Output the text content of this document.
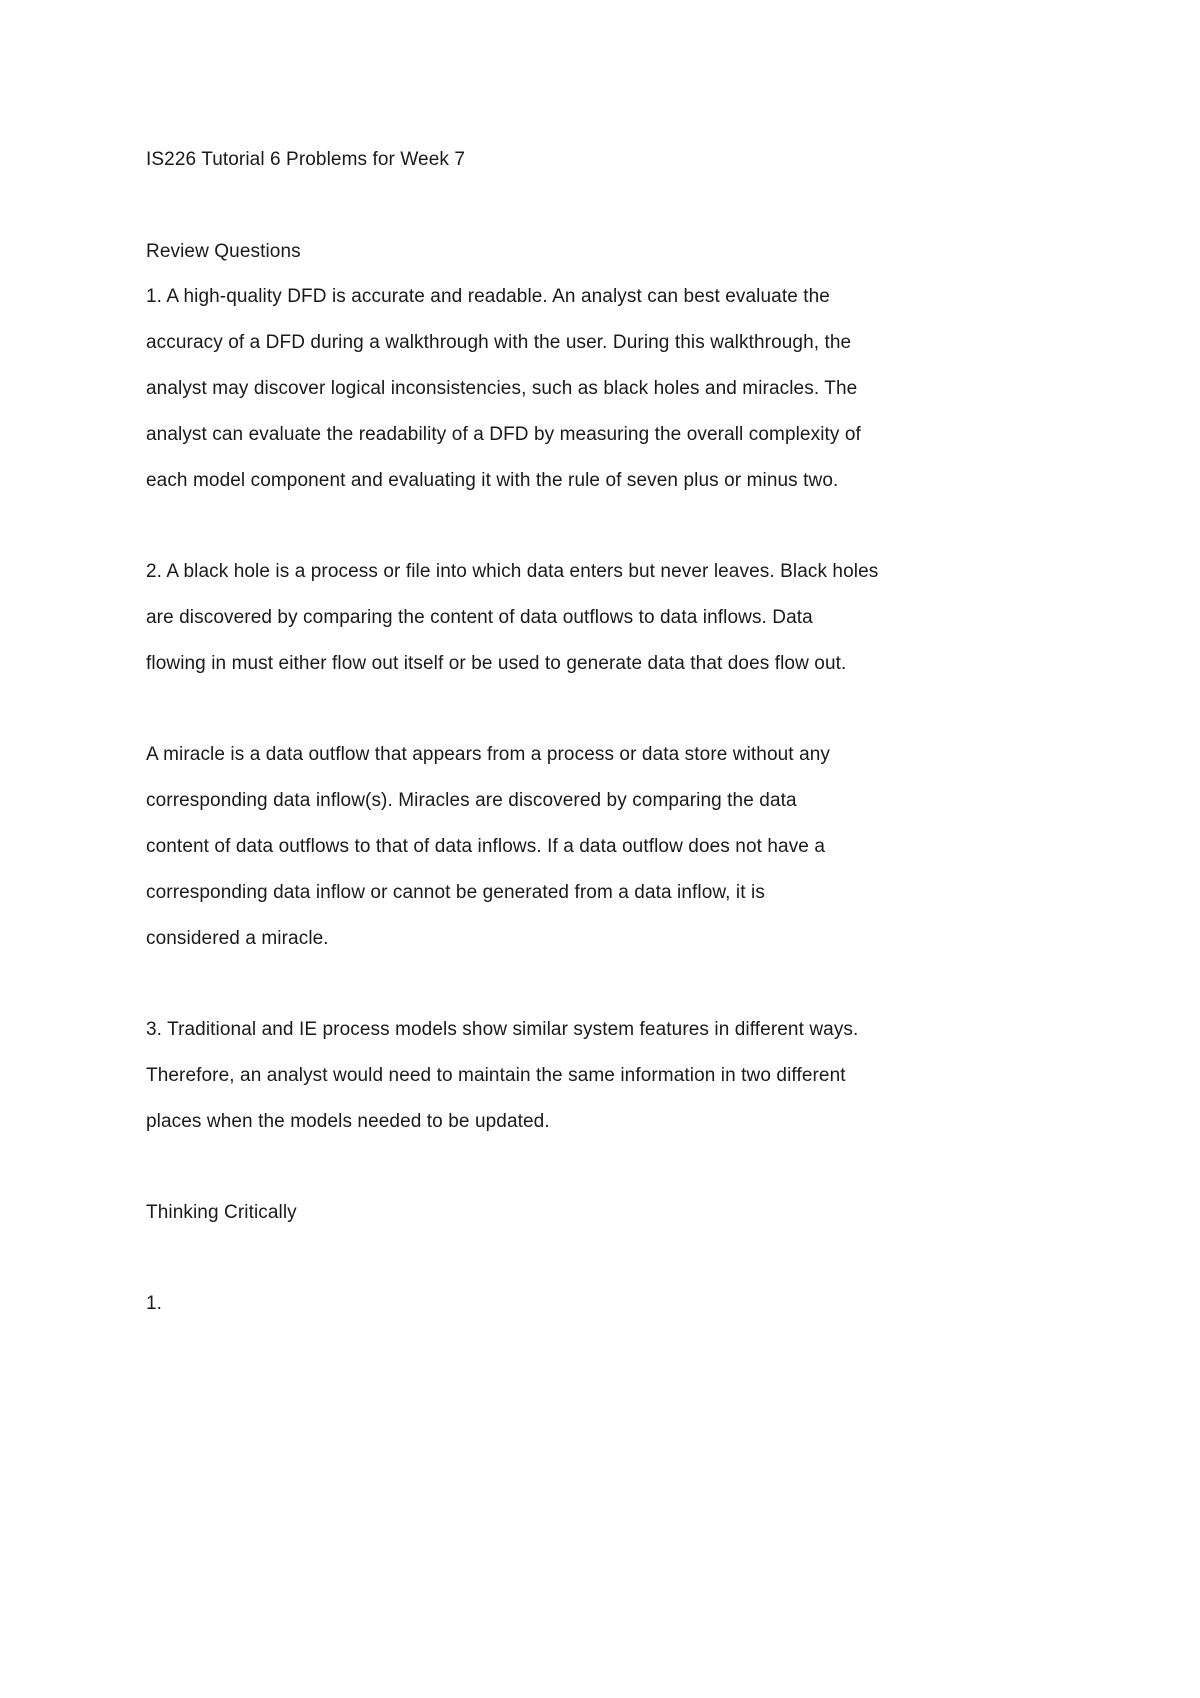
IS226 Tutorial 6 Problems for Week 7
Review Questions
1. A high-quality DFD is accurate and readable. An analyst can best evaluate the
accuracy of a DFD during a walkthrough with the user. During this walkthrough, the
analyst may discover logical inconsistencies, such as black holes and miracles. The
analyst can evaluate the readability of a DFD by measuring the overall complexity of
each model component and evaluating it with the rule of seven plus or minus two.
2. A black hole is a process or file into which data enters but never leaves. Black holes
are discovered by comparing the content of data outflows to data inflows. Data
flowing in must either flow out itself or be used to generate data that does flow out.
A miracle is a data outflow that appears from a process or data store without any
corresponding data inflow(s). Miracles are discovered by comparing the data
content of data outflows to that of data inflows. If a data outflow does not have a
corresponding data inflow or cannot be generated from a data inflow, it is
considered a miracle.
3. Traditional and IE process models show similar system features in different ways.
Therefore, an analyst would need to maintain the same information in two different
places when the models needed to be updated.
Thinking Critically
1.
